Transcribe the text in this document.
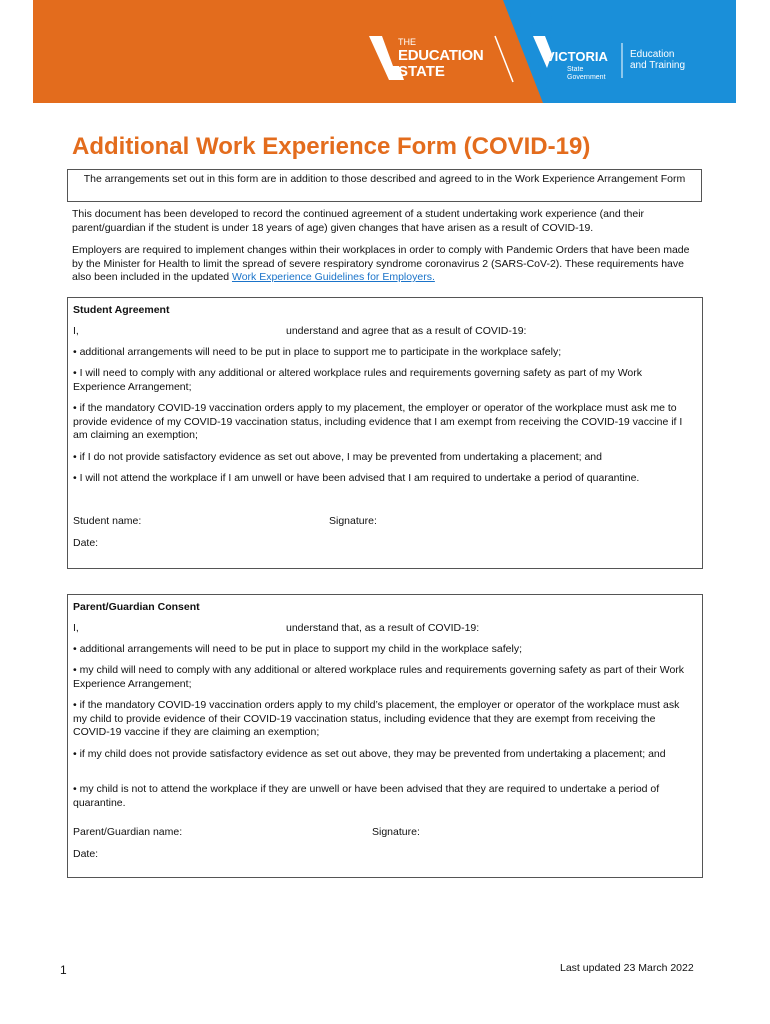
THE
EDUCATION
STATE
VICTORIA
State
Government
Education
and Training
Additional Work Experience Form (COVID-19)
The arrangements set out in this form are in addition to those described and agreed to in the Work Experience Arrangement Form
This document has been developed to record the continued agreement of a student undertaking work experience (and their parent/guardian if the student is under 18 years of age) given changes that have arisen as a result of COVID-19.
Employers are required to implement changes within their workplaces in order to comply with Pandemic Orders that have been made by the Minister for Health to limit the spread of severe respiratory syndrome coronavirus 2 (SARS-CoV-2). These requirements have also been included in the updated Work Experience Guidelines for Employers.
Student Agreement
I,	understand and agree that as a result of COVID-19:
• additional arrangements will need to be put in place to support me to participate in the workplace safely;
• I will need to comply with any additional or altered workplace rules and requirements governing safety as part of my Work Experience Arrangement;
• if the mandatory COVID-19 vaccination orders apply to my placement, the employer or operator of the workplace must ask me to provide evidence of my COVID-19 vaccination status, including evidence that I am exempt from receiving the COVID-19 vaccine if I am claiming an exemption;
• if I do not provide satisfactory evidence as set out above, I may be prevented from undertaking a placement; and
• I will not attend the workplace if I am unwell or have been advised that I am required to undertake a period of quarantine.
Student name:	Signature:
Date:
Parent/Guardian Consent
I,	understand that, as a result of COVID-19:
• additional arrangements will need to be put in place to support my child in the workplace safely;
• my child will need to comply with any additional or altered workplace rules and requirements governing safety as part of their Work Experience Arrangement;
• if the mandatory COVID-19 vaccination orders apply to my child’s placement, the employer or operator of the workplace must ask my child to provide evidence of their COVID-19 vaccination status, including evidence that they are exempt from receiving the COVID-19 vaccine if they are claiming an exemption;
• if my child does not provide satisfactory evidence as set out above, they may be prevented from undertaking a placement; and
• my child is not to attend the workplace if they are unwell or have been advised that they are required to undertake a period of quarantine.
Parent/Guardian name:	Signature:
Date:
1	Last updated 23 March 2022
